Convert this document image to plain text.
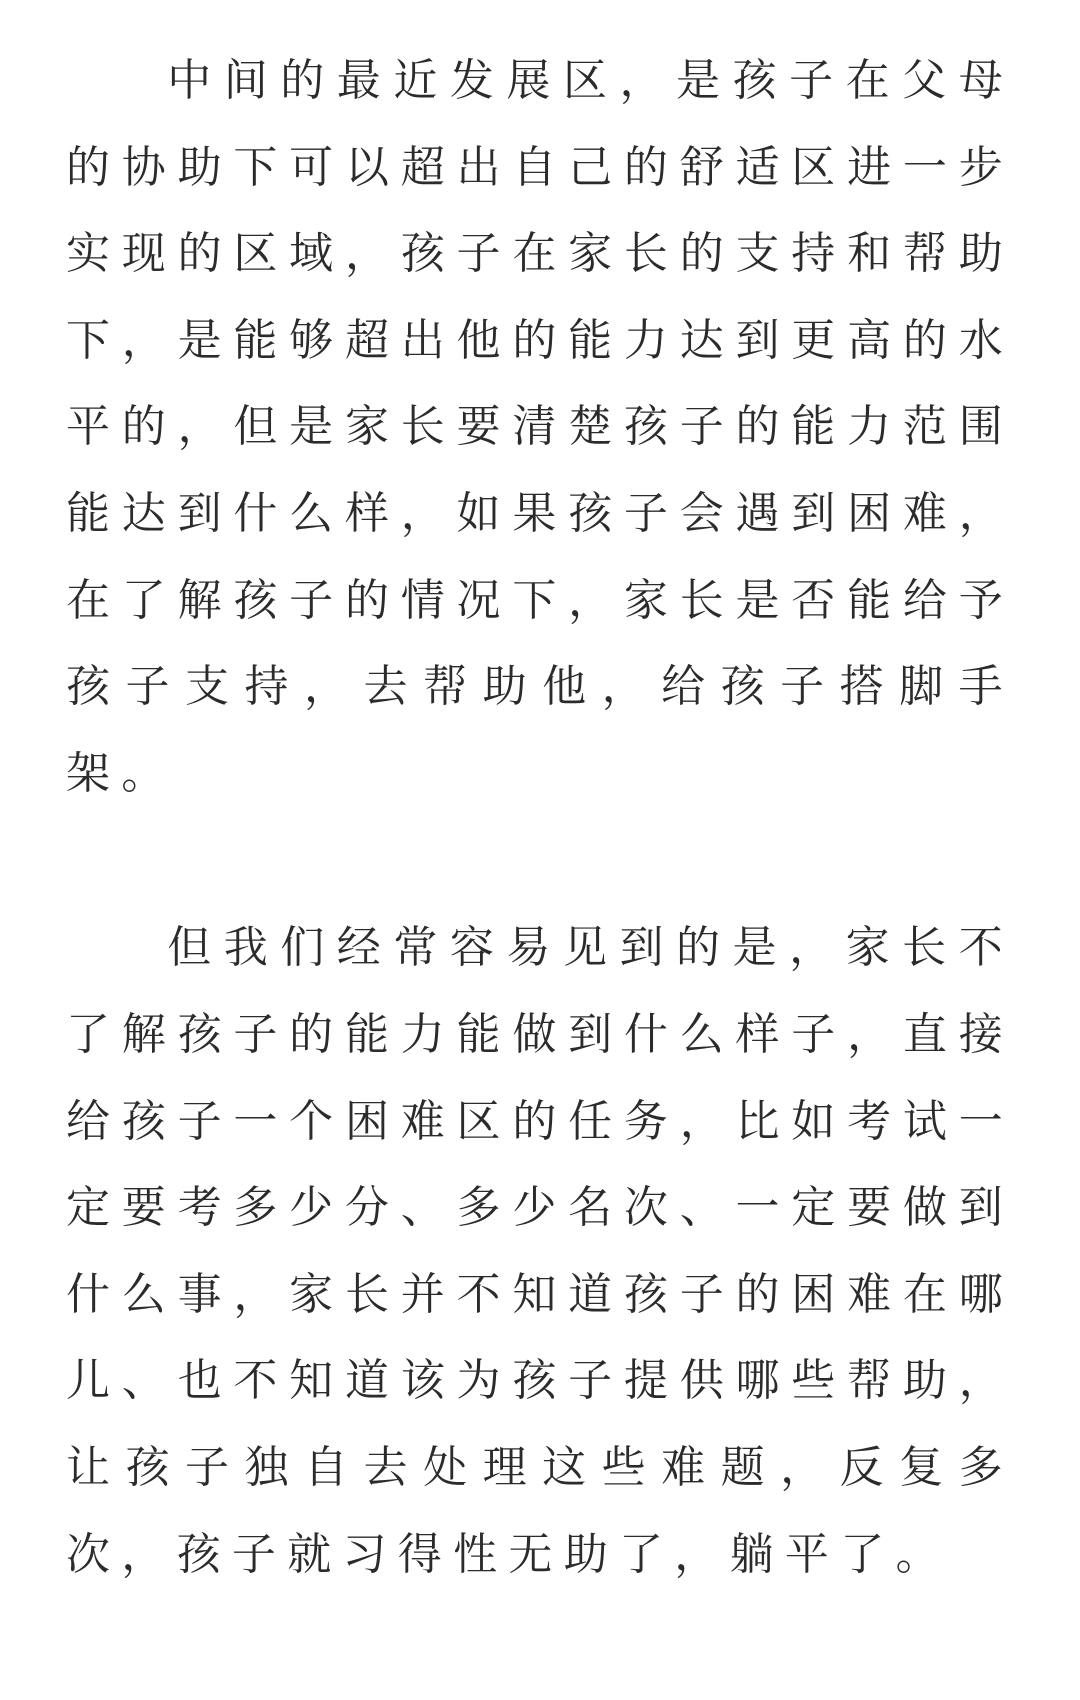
中间的最近发展区，是孩子在父母的协助下可以超出自己的舒适区进一步实现的区域，孩子在家长的支持和帮助下，是能够超出他的能力达到更高的水平的，但是家长要清楚孩子的能力范围能达到什么样，如果孩子会遇到困难，在了解孩子的情况下，家长是否能给予孩子支持，去帮助他，给孩子搭脚手架。

但我们经常容易见到的是，家长不了解孩子的能力能做到什么样子，直接给孩子一个困难区的任务，比如考试一定要考多少分、多少名次、一定要做到什么事，家长并不知道孩子的困难在哪儿、也不知道该为孩子提供哪些帮助，让孩子独自去处理这些难题，反复多次，孩子就习得性无助了，躺平了。
